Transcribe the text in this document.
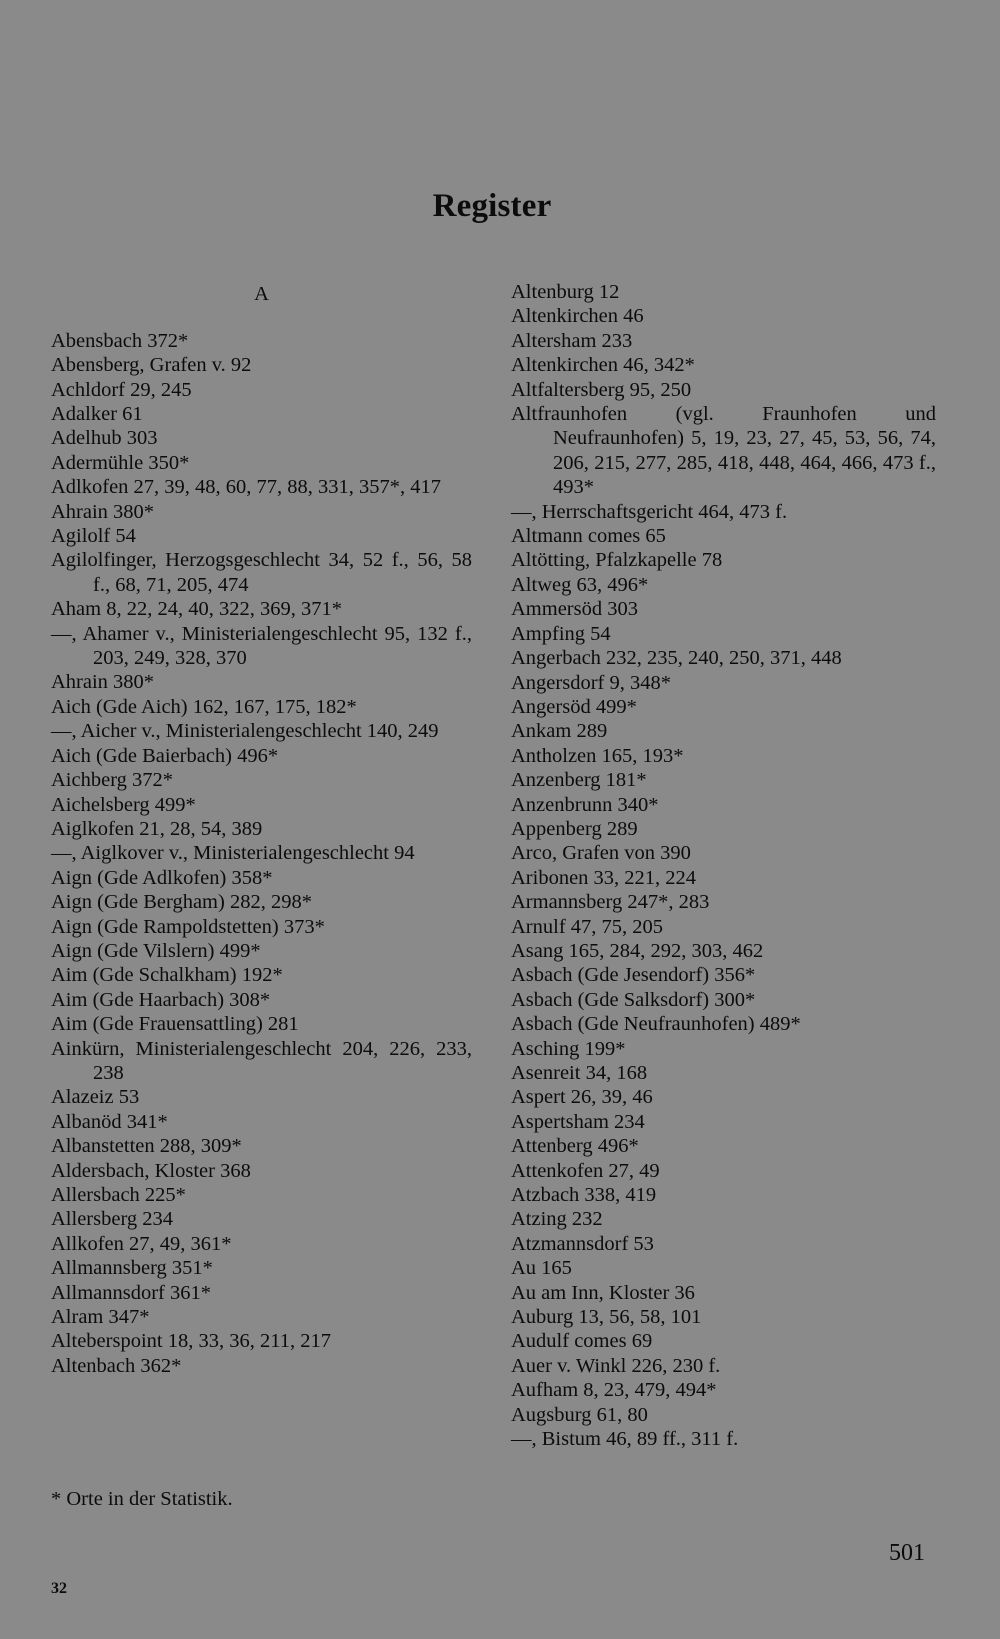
Register
A

Abensbach 372*

Abensberg, Grafen v. 92

Achldorf 29, 245

Adalker 61

Adelhub 303

Adermühle 350*

Adlkofen 27, 39, 48, 60, 77, 88, 331, 357*, 417

Ahrain 380*

Agilolf 54

Agilolfinger, Herzogsgeschlecht 34, 52 f., 56, 58 f., 68, 71, 205, 474

Aham 8, 22, 24, 40, 322, 369, 371*

—, Ahamer v., Ministerialengeschlecht 95, 132 f., 203, 249, 328, 370

Ahrain 380*

Aich (Gde Aich) 162, 167, 175, 182*

—, Aicher v., Ministerialengeschlecht 140, 249

Aich (Gde Baierbach) 496*

Aichberg 372*

Aichelsberg 499*

Aiglkofen 21, 28, 54, 389

—, Aiglkover v., Ministerialengeschlecht 94

Aign (Gde Adlkofen) 358*

Aign (Gde Bergham) 282, 298*

Aign (Gde Rampoldstetten) 373*

Aign (Gde Vilslern) 499*

Aim (Gde Schalkham) 192*

Aim (Gde Haarbach) 308*

Aim (Gde Frauensattling) 281

Ainkürn, Ministerialengeschlecht 204, 226, 233, 238

Alazeiz 53

Albanöd 341*

Albanstetten 288, 309*

Aldersbach, Kloster 368

Allersbach 225*

Allersberg 234

Allkofen 27, 49, 361*

Allmannsberg 351*

Allmannsdorf 361*

Alram 347*

Alteberspoint 18, 33, 36, 211, 217

Altenbach 362*

Altenburg 12

Altenkirchen 46

Altersham 233

Altenkirchen 46, 342*

Altfaltersberg 95, 250

Altfraunhofen (vgl. Fraunhofen und Neufraunhofen) 5, 19, 23, 27, 45, 53, 56, 74, 206, 215, 277, 285, 418, 448, 464, 466, 473 f., 493*

—, Herrschaftsgericht 464, 473 f.

Altmann comes 65

Altötting, Pfalzkapelle 78

Altweg 63, 496*

Ammersöd 303

Ampfing 54

Angerbach 232, 235, 240, 250, 371, 448

Angersdorf 9, 348*

Angersöd 499*

Ankam 289

Antholzen 165, 193*

Anzenberg 181*

Anzenbrunn 340*

Appenberg 289

Arco, Grafen von 390

Aribonen 33, 221, 224

Armannsberg 247*, 283

Arnulf 47, 75, 205

Asang 165, 284, 292, 303, 462

Asbach (Gde Jesendorf) 356*

Asbach (Gde Salksdorf) 300*

Asbach (Gde Neufraunhofen) 489*

Asching 199*

Asenreit 34, 168

Aspert 26, 39, 46

Aspertsham 234

Attenberg 496*

Attenkofen 27, 49

Atzbach 338, 419

Atzing 232

Atzmannsdorf 53

Au 165

Au am Inn, Kloster 36

Auburg 13, 56, 58, 101

Audulf comes 69

Auer v. Winkl 226, 230 f.

Aufham 8, 23, 479, 494*

Augsburg 61, 80

—, Bistum 46, 89 ff., 311 f.

* Orte in der Statistik.
501
32
